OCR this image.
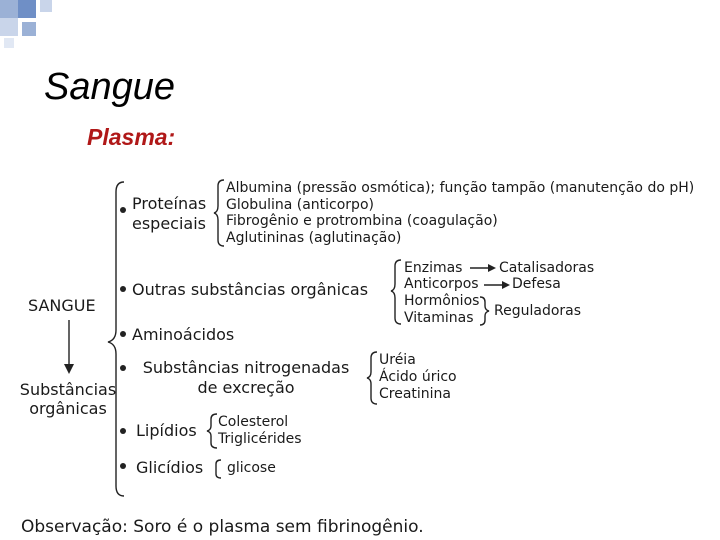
Sangue
Plasma:
SANGUE
Substâncias
orgânicas
Proteínas
especiais
Albumina (pressão osmótica); função tampão (manutenção do pH)
Globulina (anticorpo)
Fibrogênio e protrombina (coagulação)
Aglutininas (aglutinação)
Outras substâncias orgânicas
Enzimas
Anticorpos
Hormônios
Vitaminas
Catalisadoras
Defesa
Reguladoras
Aminoácidos
Substâncias nitrogenadas
de excreção
Uréia
Ácido úrico
Creatinina
Lipídios Colesterol
Triglicérides
Glicídios glicose
Observação: Soro é o plasma sem fibrinogênio.
